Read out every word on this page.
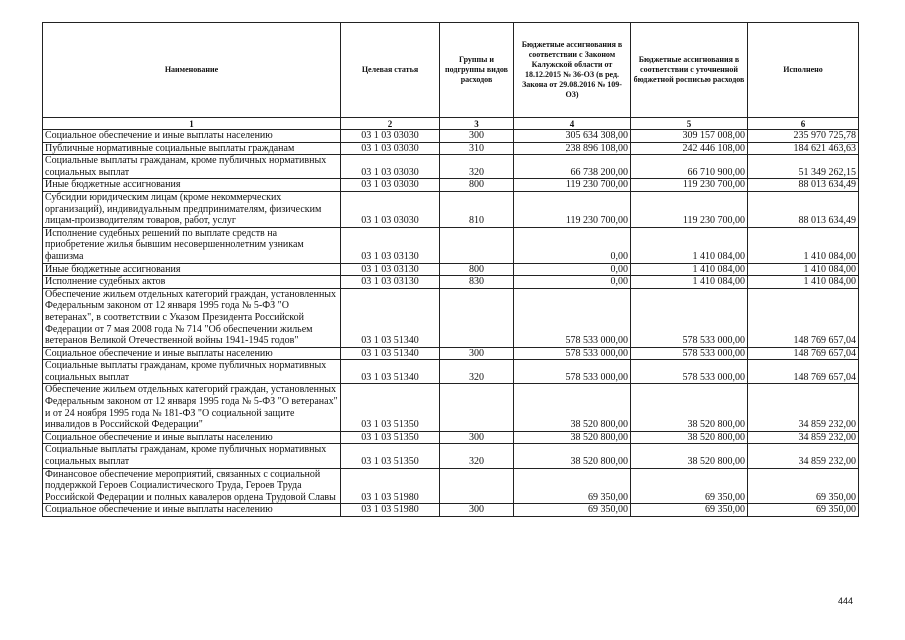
Наименование	Целевая статья	Группы и подгруппы видов расходов	Бюджетные ассигнования в соответствии с Законом Калужской области от 18.12.2015 № 36-ОЗ (в ред. Закона от 29.08.2016 № 109-ОЗ)	Бюджетные ассигнования в соответствии с уточненной бюджетной росписью расходов	Исполнено
1	2	3	4	5	6
Социальное обеспечение и иные выплаты населению	03 1 03 03030	300	305 634 308,00	309 157 008,00	235 970 725,78
Публичные нормативные социальные выплаты гражданам	03 1 03 03030	310	238 896 108,00	242 446 108,00	184 621 463,63
Социальные выплаты гражданам, кроме публичных нормативных социальных выплат	03 1 03 03030	320	66 738 200,00	66 710 900,00	51 349 262,15
Иные бюджетные ассигнования	03 1 03 03030	800	119 230 700,00	119 230 700,00	88 013 634,49
Субсидии юридическим лицам (кроме некоммерческих организаций), индивидуальным предпринимателям, физическим лицам-производителям товаров, работ, услуг	03 1 03 03030	810	119 230 700,00	119 230 700,00	88 013 634,49
Исполнение судебных решений по выплате средств на приобретение жилья бывшим несовершеннолетним узникам фашизма	03 1 03 03130		0,00	1 410 084,00	1 410 084,00
Иные бюджетные ассигнования	03 1 03 03130	800	0,00	1 410 084,00	1 410 084,00
Исполнение судебных актов	03 1 03 03130	830	0,00	1 410 084,00	1 410 084,00
Обеспечение жильем отдельных категорий граждан, установленных Федеральным законом от 12 января 1995 года № 5-ФЗ "О ветеранах", в соответствии с Указом Президента Российской Федерации от 7 мая 2008 года № 714 "Об обеспечении жильем ветеранов Великой Отечественной войны 1941-1945 годов"	03 1 03 51340		578 533 000,00	578 533 000,00	148 769 657,04
Социальное обеспечение и иные выплаты населению	03 1 03 51340	300	578 533 000,00	578 533 000,00	148 769 657,04
Социальные выплаты гражданам, кроме публичных нормативных социальных выплат	03 1 03 51340	320	578 533 000,00	578 533 000,00	148 769 657,04
Обеспечение жильем отдельных категорий граждан, установленных Федеральным законом от 12 января 1995 года № 5-ФЗ "О ветеранах" и от 24 ноября 1995 года № 181-ФЗ "О социальной защите инвалидов в Российской Федерации"	03 1 03 51350		38 520 800,00	38 520 800,00	34 859 232,00
Социальное обеспечение и иные выплаты населению	03 1 03 51350	300	38 520 800,00	38 520 800,00	34 859 232,00
Социальные выплаты гражданам, кроме публичных нормативных социальных выплат	03 1 03 51350	320	38 520 800,00	38 520 800,00	34 859 232,00
Финансовое обеспечение мероприятий, связанных с социальной поддержкой Героев Социалистического Труда, Героев Труда Российской Федерации и полных кавалеров ордена Трудовой Славы	03 1 03 51980		69 350,00	69 350,00	69 350,00
Социальное обеспечение и иные выплаты населению	03 1 03 51980	300	69 350,00	69 350,00	69 350,00
444
